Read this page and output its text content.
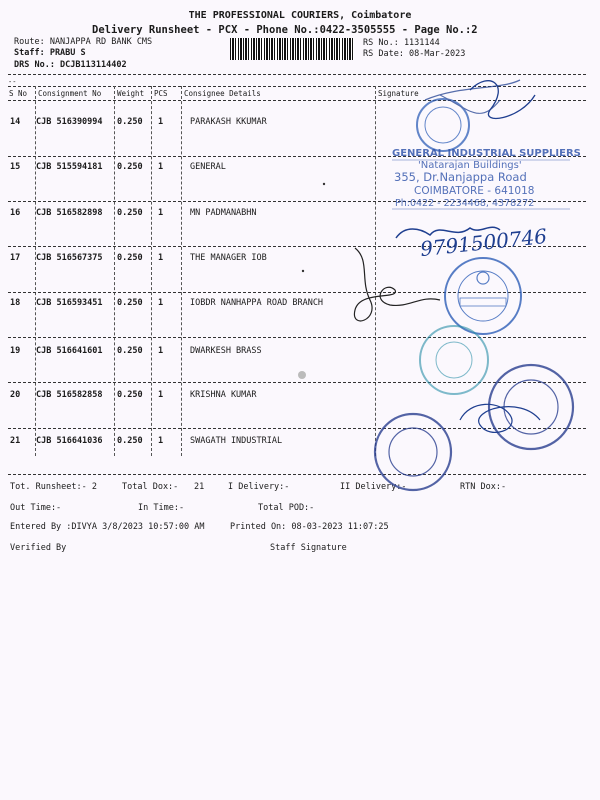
THE PROFESSIONAL COURIERS, Coimbatore
Delivery Runsheet - PCX - Phone No.:0422-3505555 - Page No.:2
Route: NANJAPPA RD BANK CMS
Staff: PRABU S
DRS No.: DCJB113114402
RS No.: 1131144
RS Date: 08-Mar-2023
--
S No Consignment No Weight PCS Consignee Details	Signature
14 CJB 516390994 0.250 1	PARAKASH KKUMAR
15 CJB 515594181 0.250 1	GENERAL
16 CJB 516582898 0.250 1	MN PADMANABHN
17 CJB 516567375 0.250 1	THE MANAGER IOB
18 CJB 516593451 0.250 1	IOBDR NANHAPPA ROAD BRANCH
19 CJB 516641601 0.250 1	DWARKESH BRASS
20 CJB 516582858 0.250 1	KRISHNA KUMAR
21 CJB 516641036 0.250 1	SWAGATH INDUSTRIAL
Tot. Runsheet:- 2	Total Dox:- 21	I Delivery:-	II Delivery:-	RTN Dox:-
Out Time:-	In Time:-	Total POD:-
Entered By :DIVYA 3/8/2023 10:57:00 AM	Printed On: 08-03-2023 11:07:25
Verified By	Staff Signature
GENERAL INDUSTRIAL SUPPLIERS
'Natarajan Buildings'
355, Dr.Nanjappa Road
COIMBATORE - 641018
Ph:0422 - 2234468, 4378272
9791500746
